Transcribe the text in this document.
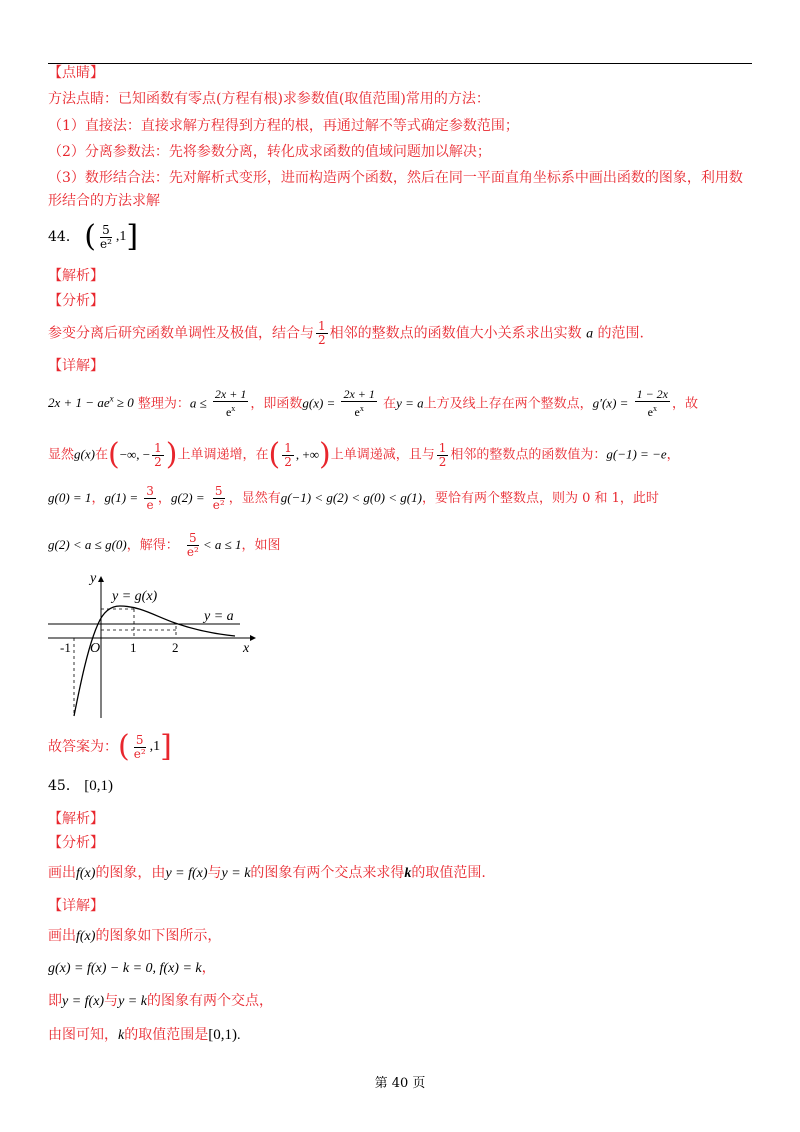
【点睛】
方法点睛：已知函数有零点(方程有根)求参数值(取值范围)常用的方法：
（1）直接法：直接求解方程得到方程的根，再通过解不等式确定参数范围；
（2）分离参数法：先将参数分离，转化成求函数的值域问题加以解决；
（3）数形结合法：先对解析式变形，进而构造两个函数，然后在同一平面直角坐标系中画出函数的图象，利用数
形结合的方法求解
44． ( $\frac{5}{\text{e²}} ,1$ ]
【解析】
【分析】
参变分离后研究函数单调性及极值，结合与 $\frac{1}{2}$ 相邻的整数点的函数值大小关系求出实数 a 的范围.
【详解】
$2x + 1 - ae^x \ge 0$ 整理为：$a \le \frac{2x + 1}{e^x}$ ，即函数$g(x) = \frac{2x + 1}{e^x}$ 在y = a上方及线上存在两个整数点，$g'(x) = \frac{1 - 2x}{e^x}$ ，故
显然g(x)在( −∞, − $\frac{1}{2}$ )上单调递增，在( $\frac{1}{2}$ , +∞ )上单调递减，且与 $\frac{1}{2}$ 相邻的整数点的函数值为：g(−1) = −e，
g(0) = 1，$g(1) = \frac{3}{e}$ ，$g(2) = \frac{5}{\text{e²}}$ ，显然有g(−1) < g(2) < g(0) < g(1)，要恰有两个整数点，则为 0 和 1，此时
g(2) < a ≤ g(0)，解得： $\frac{5}{\text{e²}} < a \le 1$，如图
y
x
O
y = g(x)
y = a
-1	1	2
故答案为：( $\frac{5}{\text{e²}} ,1$ ]
45． [0,1)
【解析】
【分析】
画出f(x)的图象，由y = f(x)与y = k的图象有两个交点来求得k的取值范围.
【详解】
画出f(x)的图象如下图所示，
g(x) = f(x) − k = 0, f(x) = k，
即y = f(x)与y = k的图象有两个交点，
由图可知，k的取值范围是[0,1).
第 40 页
